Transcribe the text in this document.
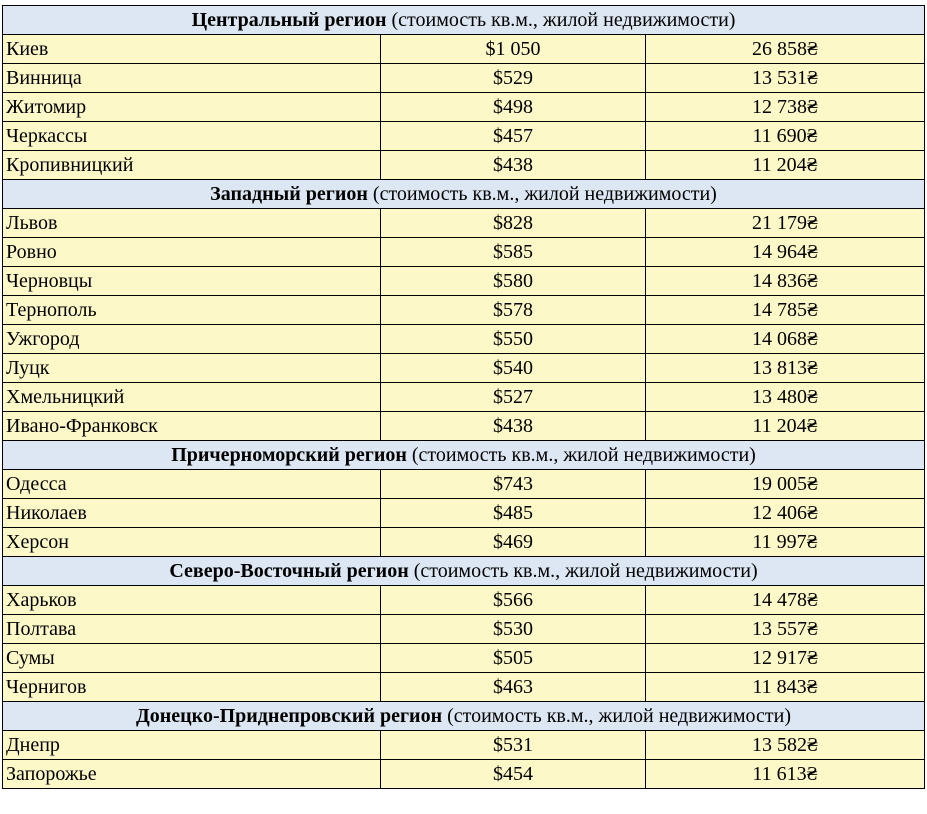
Центральный регион (стоимость кв.м., жилой недвижимости)		
Киев	$1 050	26 858₴
Винница	$529	13 531₴
Житомир	$498	12 738₴
Черкассы	$457	11 690₴
Кропивницкий	$438	11 204₴
Западный регион (стоимость кв.м., жилой недвижимости)		
Львов	$828	21 179₴
Ровно	$585	14 964₴
Черновцы	$580	14 836₴
Тернополь	$578	14 785₴
Ужгород	$550	14 068₴
Луцк	$540	13 813₴
Хмельницкий	$527	13 480₴
Ивано-Франковск	$438	11 204₴
Причерноморский регион (стоимость кв.м., жилой недвижимости)		
Одесса	$743	19 005₴
Николаев	$485	12 406₴
Херсон	$469	11 997₴
Северо-Восточный регион (стоимость кв.м., жилой недвижимости)		
Харьков	$566	14 478₴
Полтава	$530	13 557₴
Сумы	$505	12 917₴
Чернигов	$463	11 843₴
Донецко-Приднепровский регион (стоимость кв.м., жилой недвижимости)		
Днепр	$531	13 582₴
Запорожье	$454	11 613₴
